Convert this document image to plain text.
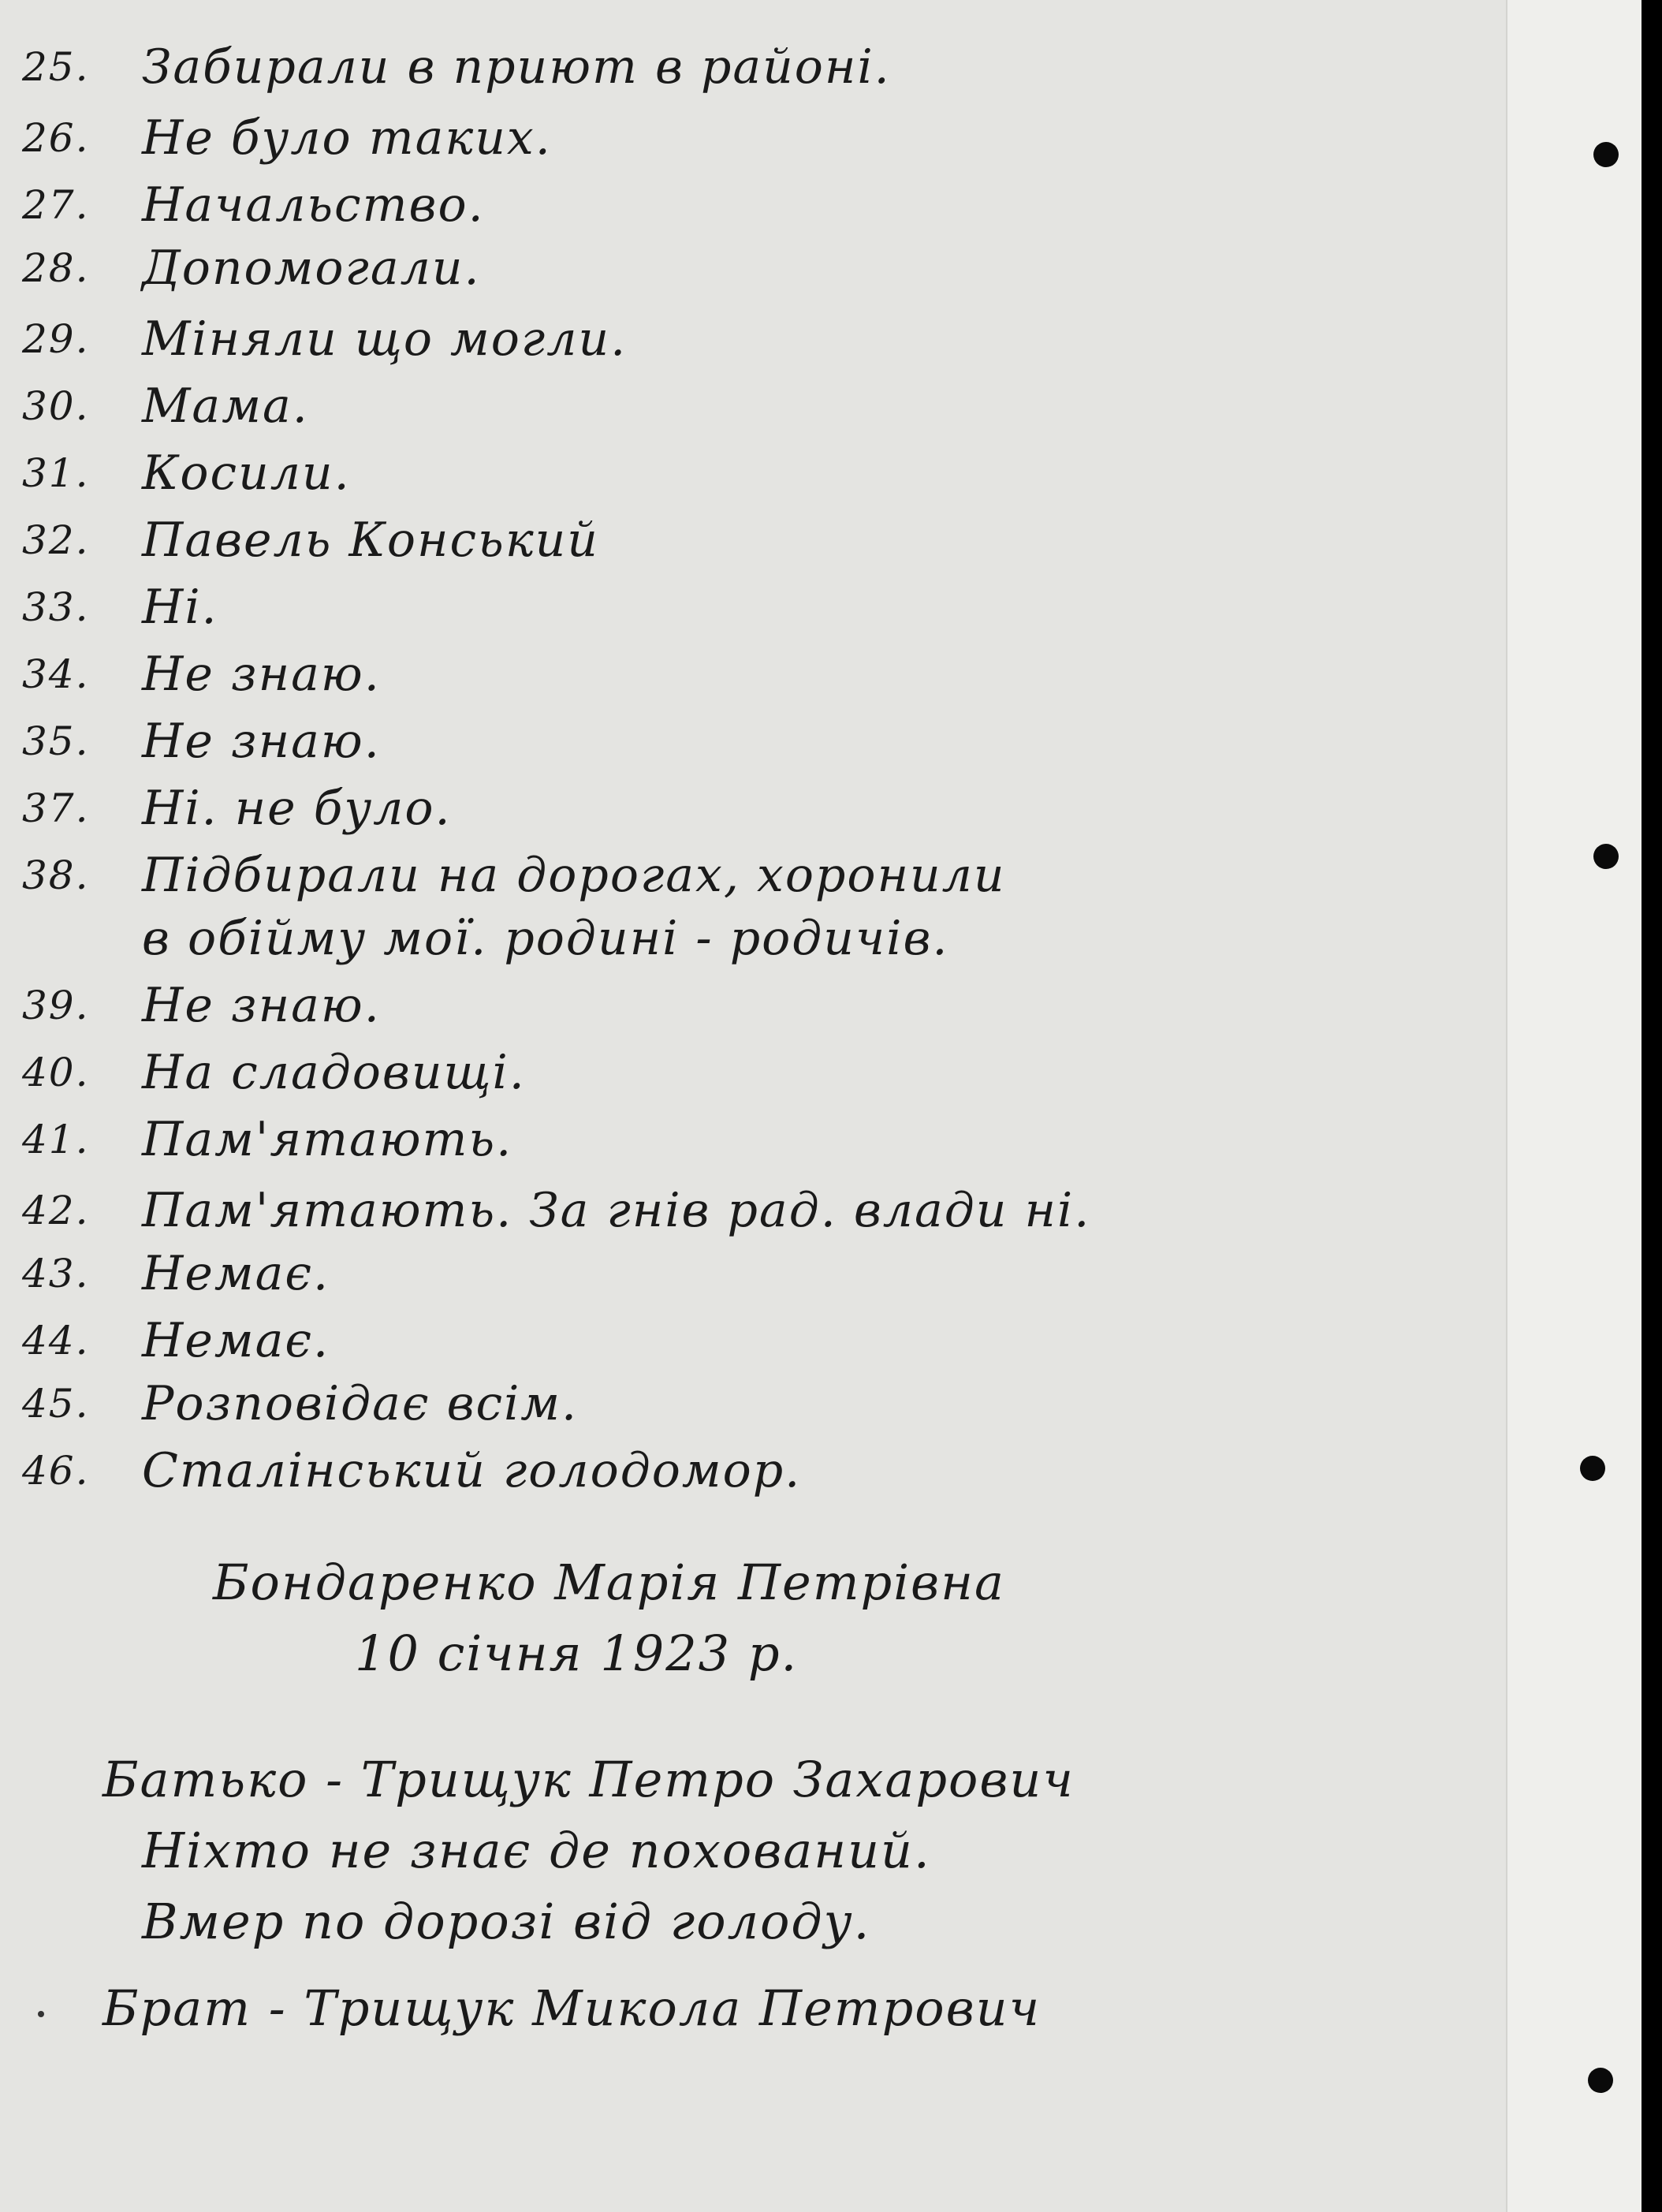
25. Забирали в приют в районі.
26. Не було таких.
27. Начальство.
28. Допомогали.
29. Міняли що могли.
30. Мама.
31. Косили.
32. Павель Конський
33. Ні.
34. Не знаю.
35. Не знаю.
37. Ні. не було.
38. Підбирали на дорогах, хоронили
в обійму мої. родині - родичів.
39. Не знаю.
40. На сладовищі.
41. Пам'ятають.
42. Пам'ятають. За гнів рад. влади ні.
43. Немає.
44. Немає.
45. Розповідає всім.
46. Сталінський голодомор.
Бондаренко Марія Петрівна
10 січня 1923 р.
Батько - Трищук Петро Захарович
Ніхто не знає де похований.
Вмер по дорозі від голоду.
Брат - Трищук Микола Петрович
